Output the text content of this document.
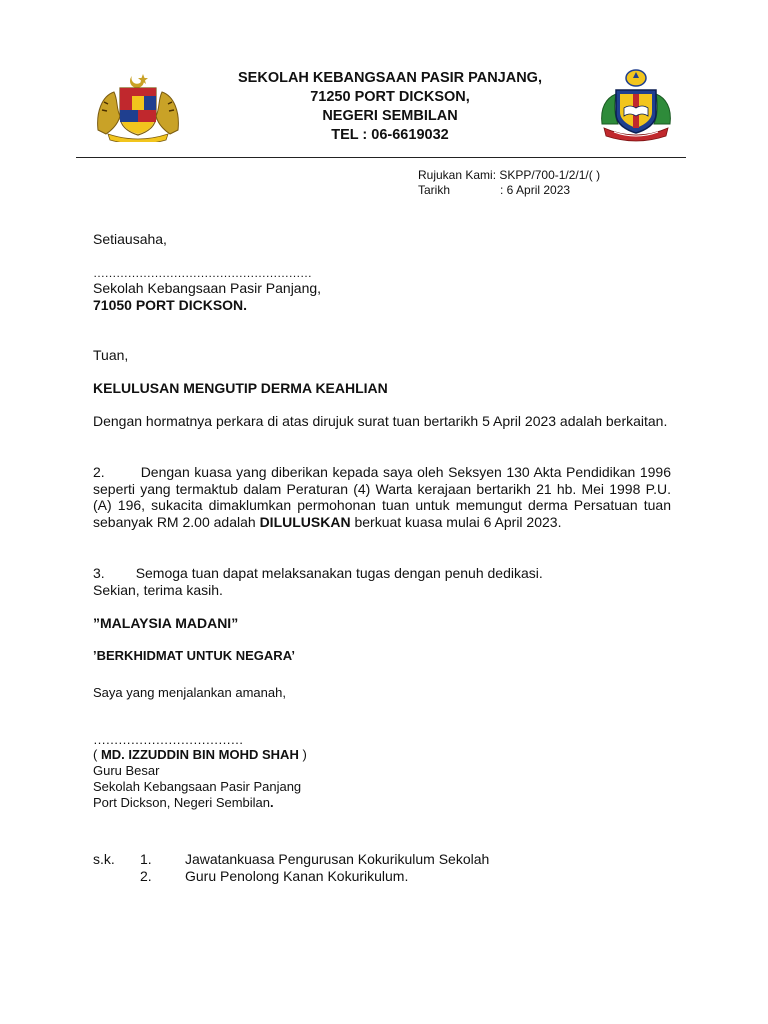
SEKOLAH KEBANGSAAN PASIR PANJANG,
71250 PORT DICKSON,
NEGERI SEMBILAN
TEL : 06-6619032
Rujukan Kami: SKPP/700-1/2/1/( )
Tarikh	: 6 April 2023
Setiausaha,
…………………………………………………
Sekolah Kebangsaan Pasir Panjang,
71050 PORT DICKSON.
Tuan,
KELULUSAN MENGUTIP DERMA KEAHLIAN
Dengan hormatnya perkara di atas dirujuk surat tuan bertarikh 5 April 2023 adalah berkaitan.
2.	Dengan kuasa yang diberikan kepada saya oleh Seksyen 130 Akta Pendidikan 1996 seperti yang termaktub dalam Peraturan (4) Warta kerajaan bertarikh 21 hb. Mei 1998 P.U.(A) 196, sukacita dimaklumkan permohonan tuan untuk memungut derma Persatuan tuan sebanyak RM 2.00 adalah DILULUSKAN berkuat kuasa mulai 6 April 2023.
3. Semoga tuan dapat melaksanakan tugas dengan penuh dedikasi.
Sekian, terima kasih.
”MALAYSIA MADANI”
’BERKHIDMAT UNTUK NEGARA’
Saya yang menjalankan amanah,
………………………………
( MD. IZZUDDIN BIN MOHD SHAH )
Guru Besar
Sekolah Kebangsaan Pasir Panjang
Port Dickson, Negeri Sembilan.
s.k. 1. Jawatankuasa Pengurusan Kokurikulum Sekolah
2. Guru Penolong Kanan Kokurikulum.
